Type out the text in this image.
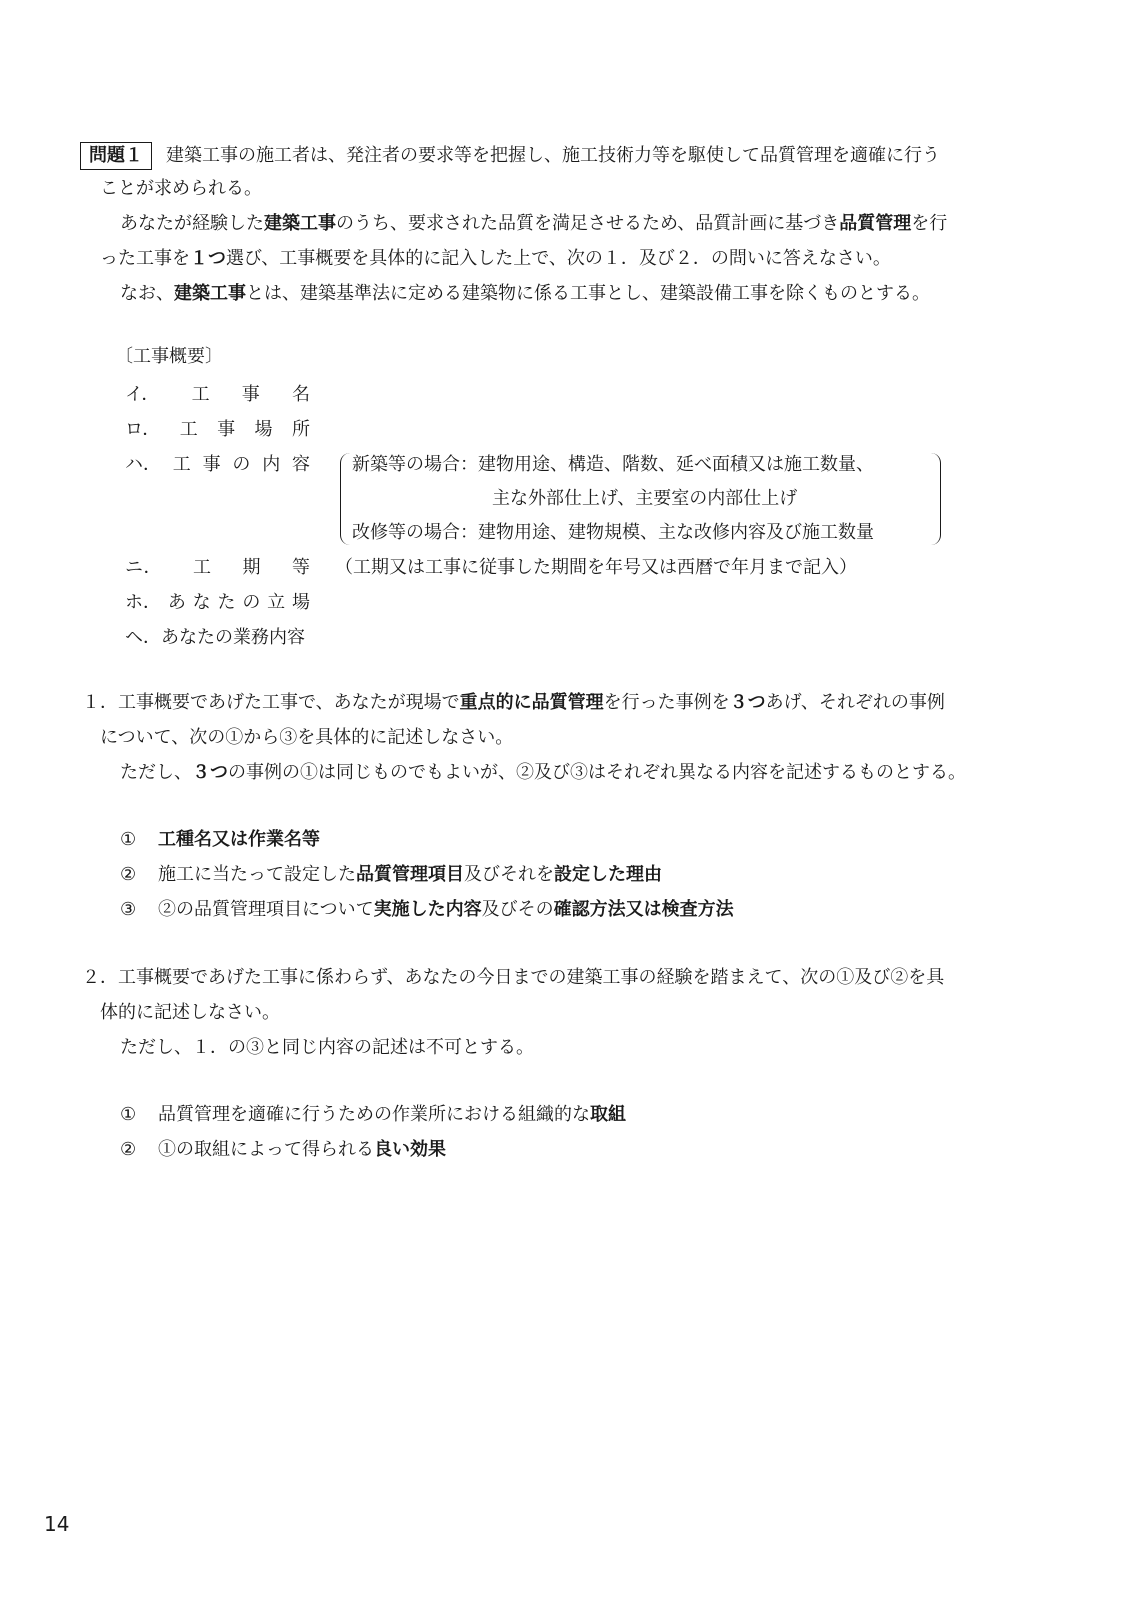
問題１ 建築工事の施工者は、発注者の要求等を把握し、施工技術力等を駆使して品質管理を適確に行う
ことが求められる。
あなたが経験した建築工事のうち、要求された品質を満足させるため、品質計画に基づき品質管理を行
った工事を１つ選び、工事概要を具体的に記入した上で、次の１．及び２．の問いに答えなさい。
なお、建築工事とは、建築基準法に定める建築物に係る工事とし、建築設備工事を除くものとする。
〔工事概要〕
イ． 工 事 名
ロ． 工 事 場 所
ハ． 工 事 の 内 容 新築等の場合：建物用途、構造、階数、延べ面積又は施工数量、
主な外部仕上げ、主要室の内部仕上げ
改修等の場合：建物用途、建物規模、主な改修内容及び施工数量
ニ． 工 期 等 （工期又は工事に従事した期間を年号又は西暦で年月まで記入）
ホ． あ な た の 立 場
ヘ．あなたの業務内容
１．工事概要であげた工事で、あなたが現場で重点的に品質管理を行った事例を３つあげ、それぞれの事例
について、次の①から③を具体的に記述しなさい。
ただし、３つの事例の①は同じものでもよいが、②及び③はそれぞれ異なる内容を記述するものとする。
① 工種名又は作業名等
② 施工に当たって設定した品質管理項目及びそれを設定した理由
③ ②の品質管理項目について実施した内容及びその確認方法又は検査方法
２．工事概要であげた工事に係わらず、あなたの今日までの建築工事の経験を踏まえて、次の①及び②を具
体的に記述しなさい。
ただし、１．の③と同じ内容の記述は不可とする。
① 品質管理を適確に行うための作業所における組織的な取組
② ①の取組によって得られる良い効果
14
